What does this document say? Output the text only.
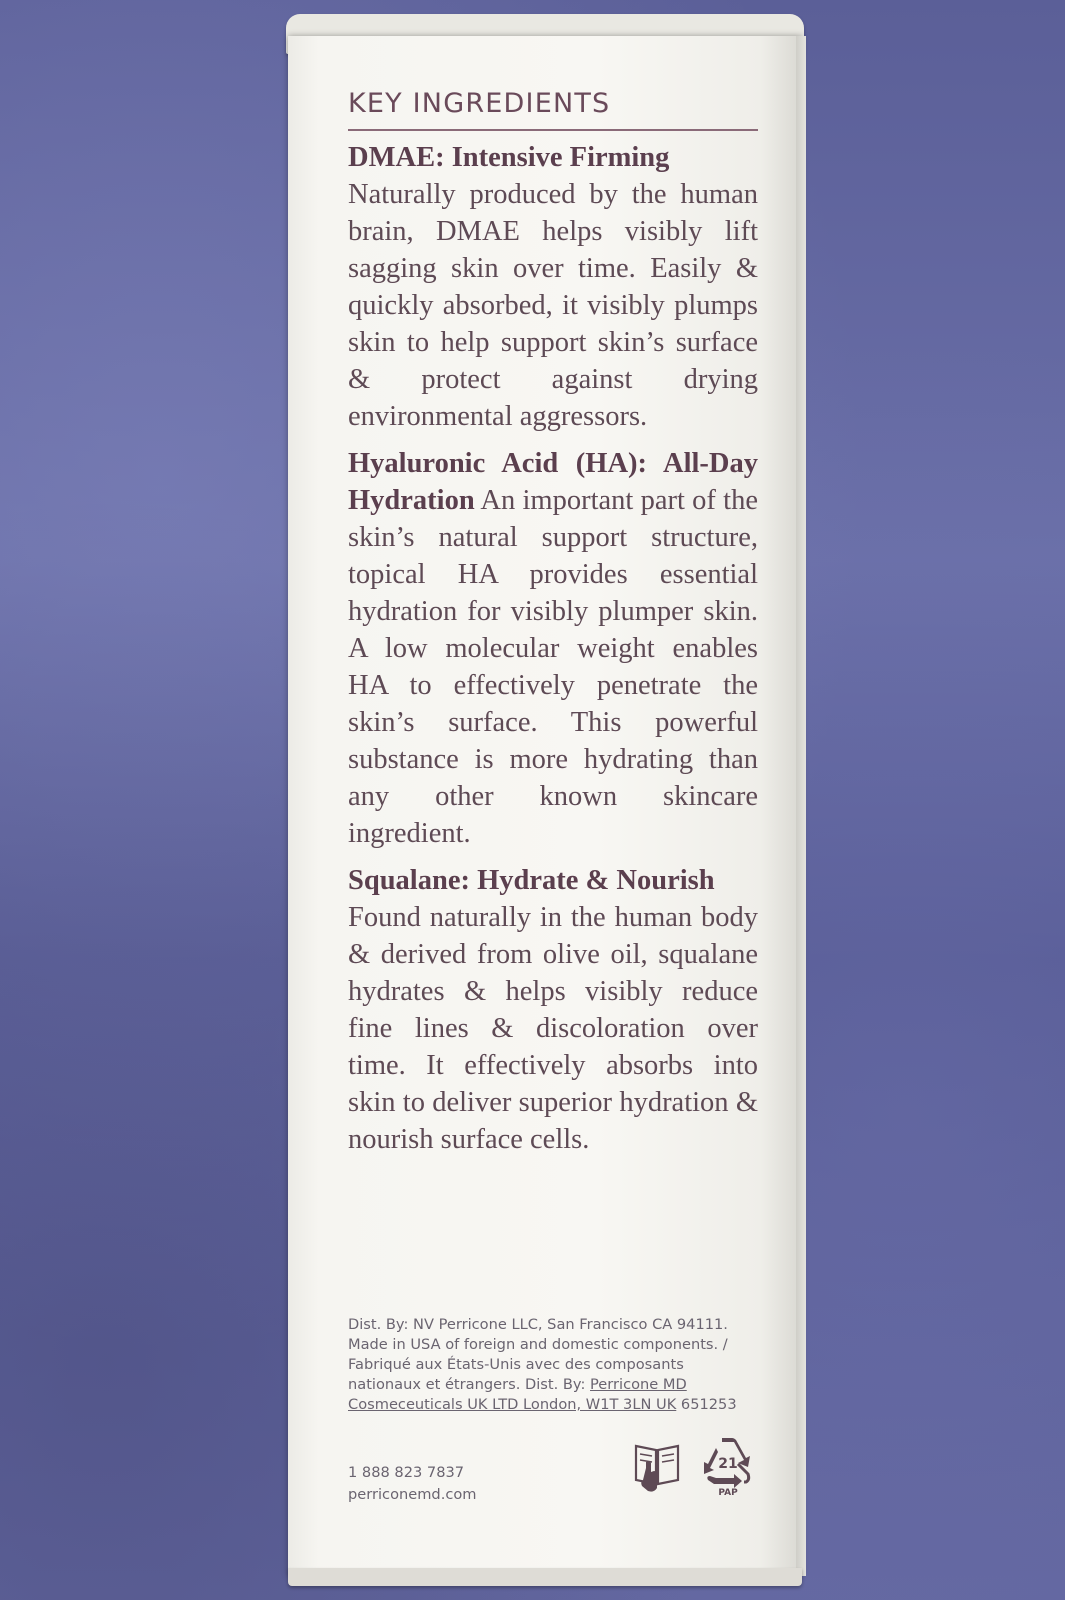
KEY INGREDIENTS

DMAE: Intensive Firming
Naturally produced by the human brain, DMAE helps visibly lift sagging skin over time. Easily & quickly absorbed, it visibly plumps skin to help support skin’s surface & protect against drying environmental aggressors.

Hyaluronic Acid (HA): All-Day Hydration An important part of the skin’s natural support structure, topical HA provides essential hydration for visibly plumper skin. A low molecular weight enables HA to effectively penetrate the skin’s surface. This powerful substance is more hydrating than any other known skincare ingredient.

Squalane: Hydrate & Nourish
Found naturally in the human body & derived from olive oil, squalane hydrates & helps visibly reduce fine lines & discoloration over time. It effectively absorbs into skin to deliver superior hydration & nourish surface cells.

Dist. By: NV Perricone LLC, San Francisco CA 94111. Made in USA of foreign and domestic components. / Fabriqué aux États-Unis avec des composants nationaux et étrangers. Dist. By: Perricone MD Cosmeceuticals UK LTD London, W1T 3LN UK 651253
1 888 823 7837
perriconemd.com
21
PAP
